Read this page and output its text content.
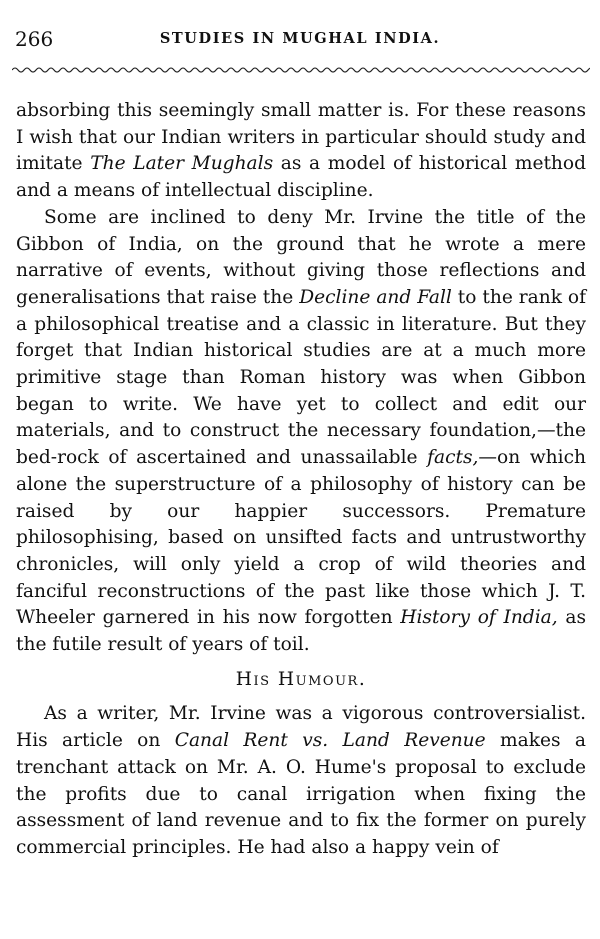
266	STUDIES IN MUGHAL INDIA.

absorbing this seemingly small matter is. For these reasons I wish that our Indian writers in particular should study and imitate The Later Mughals as a model of historical method and a means of intellectual discipline.

Some are inclined to deny Mr. Irvine the title of the Gibbon of India, on the ground that he wrote a mere narrative of events, without giving those reflections and generalisations that raise the Decline and Fall to the rank of a philosophical treatise and a classic in literature. But they forget that Indian historical studies are at a much more primitive stage than Roman history was when Gibbon began to write. We have yet to collect and edit our materials, and to construct the necessary foundation,—the bed-rock of ascertained and unassailable facts,—on which alone the superstructure of a philosophy of history can be raised by our happier successors. Premature philosophising, based on unsifted facts and untrustworthy chronicles, will only yield a crop of wild theories and fanciful reconstructions of the past like those which J. T. Wheeler garnered in his now forgotten History of India, as the futile result of years of toil.

His Humour.

As a writer, Mr. Irvine was a vigorous controversialist. His article on Canal Rent vs. Land Revenue makes a trenchant attack on Mr. A. O. Hume's proposal to exclude the profits due to canal irrigation when fixing the assessment of land revenue and to fix the former on purely commercial principles. He had also a happy vein of
